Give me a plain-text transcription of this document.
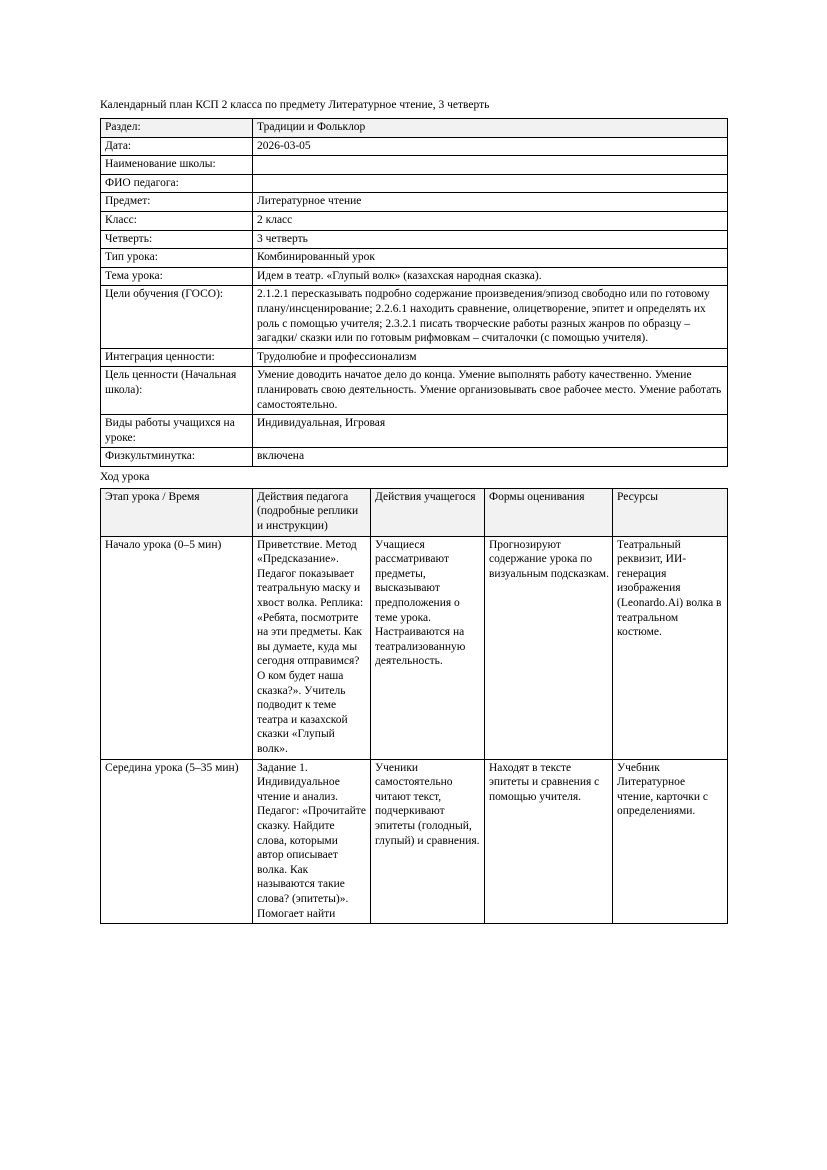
Календарный план КСП 2 класса по предмету Литературное чтение, 3 четверть
Раздел:	Традиции и Фольклор
Дата:	2026-03-05
Наименование школы:	
ФИО педагога:	
Предмет:	Литературное чтение
Класс:	2 класс
Четверть:	3 четверть
Тип урока:	Комбинированный урок
Тема урока:	Идем в театр. «Глупый волк» (казахская народная сказка).
Цели обучения (ГОСО):	2.1.2.1 пересказывать подробно содержание произведения/эпизод свободно или по готовому плану/инсценирование; 2.2.6.1 находить сравнение, олицетворение, эпитет и определять их роль с помощью учителя; 2.3.2.1 писать творческие работы разных жанров по образцу – загадки/ сказки или по готовым рифмовкам – считалочки (с помощью учителя).
Интеграция ценности:	Трудолюбие и профессионализм
Цель ценности (Начальная школа):	Умение доводить начатое дело до конца. Умение выполнять работу качественно. Умение планировать свою деятельность. Умение организовывать свое рабочее место. Умение работать самостоятельно.
Виды работы учащихся на уроке:	Индивидуальная, Игровая
Физкультминутка:	включена
Ход урока
Этап урока / Время	Действия педагога (подробные реплики и инструкции)	Действия учащегося	Формы оценивания	Ресурсы
Начало урока (0–5 мин)	Приветствие. Метод «Предсказание». Педагог показывает театральную маску и хвост волка. Реплика: «Ребята, посмотрите на эти предметы. Как вы думаете, куда мы сегодня отправимся? О ком будет наша сказка?». Учитель подводит к теме театра и казахской сказки «Глупый волк».	Учащиеся рассматривают предметы, высказывают предположения о теме урока. Настраиваются на театрализованную деятельность.	Прогнозируют содержание урока по визуальным подсказкам.	Театральный реквизит, ИИ-генерация изображения (Leonardo.Ai) волка в театральном костюме.
Середина урока (5–35 мин)	Задание 1. Индивидуальное чтение и анализ. Педагог: «Прочитайте сказку. Найдите слова, которыми автор описывает волка. Как называются такие слова? (эпитеты)». Помогает найти	Ученики самостоятельно читают текст, подчеркивают эпитеты (голодный, глупый) и сравнения.	Находят в тексте эпитеты и сравнения с помощью учителя.	Учебник Литературное чтение, карточки с определениями.
